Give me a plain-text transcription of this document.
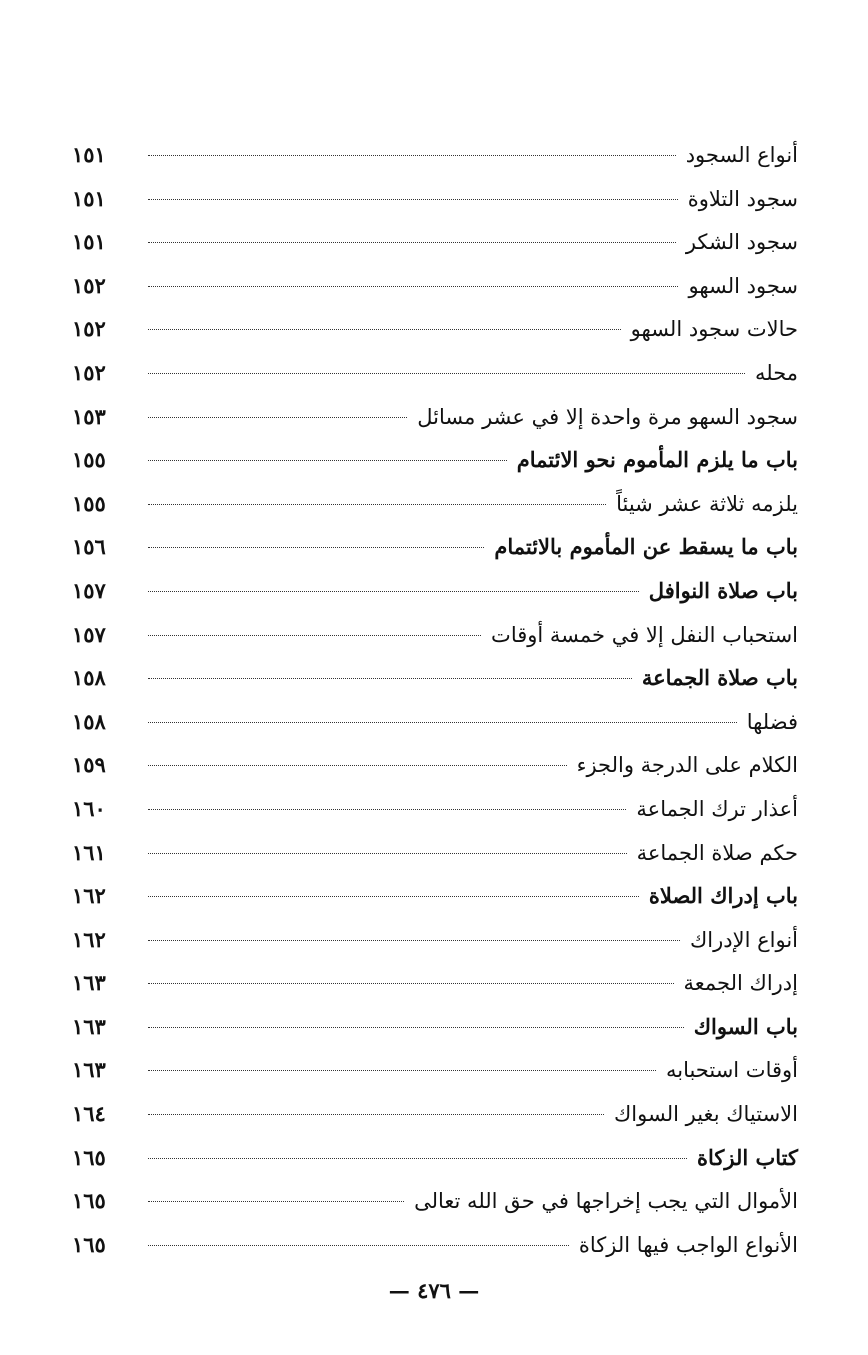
أنواع السجود
١٥١
سجود التلاوة
١٥١
سجود الشكر
١٥١
سجود السهو
١٥٢
حالات سجود السهو
١٥٢
محله
١٥٢
سجود السهو مرة واحدة إلا في عشر مسائل
١٥٣
باب ما يلزم المأموم نحو الائتمام
١٥٥
يلزمه ثلاثة عشر شيئاً
١٥٥
باب ما يسقط عن المأموم بالائتمام
١٥٦
باب صلاة النوافل
١٥٧
استحباب النفل إلا في خمسة أوقات
١٥٧
باب صلاة الجماعة
١٥٨
فضلها
١٥٨
الكلام على الدرجة والجزء
١٥٩
أعذار ترك الجماعة
١٦٠
حكم صلاة الجماعة
١٦١
باب إدراك الصلاة
١٦٢
أنواع الإدراك
١٦٢
إدراك الجمعة
١٦٣
باب السواك
١٦٣
أوقات استحبابه
١٦٣
الاستياك بغير السواك
١٦٤
كتاب الزكاة
١٦٥
الأموال التي يجب إخراجها في حق الله تعالى
١٦٥
الأنواع الواجب فيها الزكاة
١٦٥
— ٤٧٦ —
